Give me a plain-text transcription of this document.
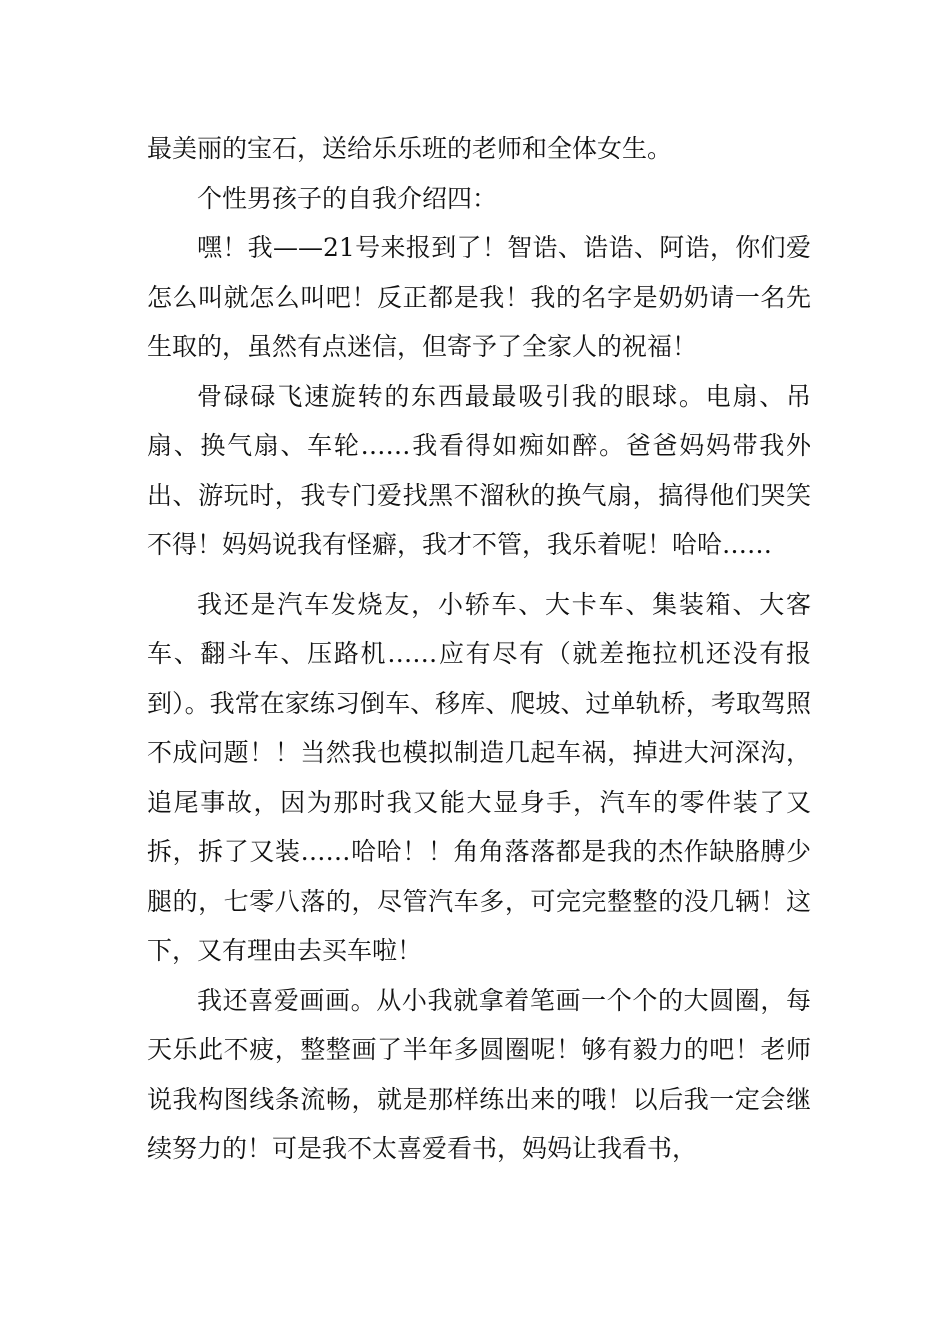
最美丽的宝石，送给乐乐班的老师和全体女生。

个性男孩子的自我介绍四：

嘿！我——21号来报到了！智诰、诰诰、阿诰，你们爱怎么叫就怎么叫吧！反正都是我！我的名字是奶奶请一名先生取的，虽然有点迷信，但寄予了全家人的祝福！

骨碌碌飞速旋转的东西最最吸引我的眼球。电扇、吊扇、换气扇、车轮……我看得如痴如醉。爸爸妈妈带我外出、游玩时，我专门爱找黑不溜秋的换气扇，搞得他们哭笑不得！妈妈说我有怪癖，我才不管，我乐着呢！哈哈……

我还是汽车发烧友，小轿车、大卡车、集装箱、大客车、翻斗车、压路机……应有尽有（就差拖拉机还没有报到）。我常在家练习倒车、移库、爬坡、过单轨桥，考取驾照不成问题！！当然我也模拟制造几起车祸，掉进大河深沟，追尾事故，因为那时我又能大显身手，汽车的零件装了又拆，拆了又装……哈哈！！角角落落都是我的杰作缺胳膊少腿的，七零八落的，尽管汽车多，可完完整整的没几辆！这下，又有理由去买车啦！

我还喜爱画画。从小我就拿着笔画一个个的大圆圈，每天乐此不疲，整整画了半年多圆圈呢！够有毅力的吧！老师说我构图线条流畅，就是那样练出来的哦！以后我一定会继续努力的！可是我不太喜爱看书，妈妈让我看书，
